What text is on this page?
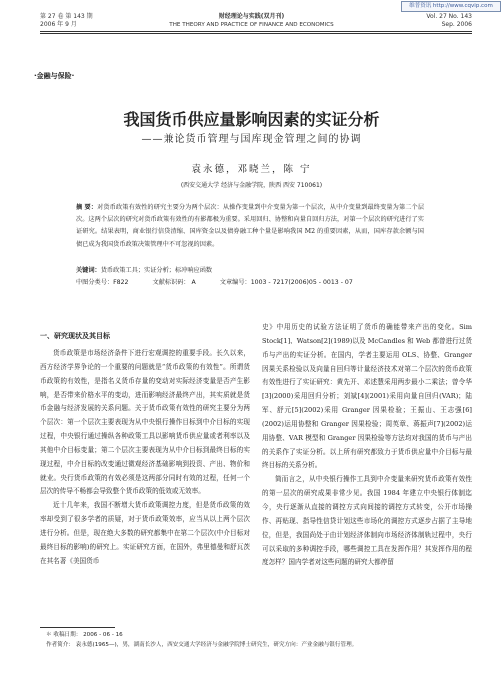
维普资讯 http://www.cqvip.com
第 27 卷 第 143 期
2006 年 9 月
财经理论与实践(双月刊)
THE THEORY AND PRACTICE OF FINANCE AND ECONOMICS
Vol. 27 No. 143
Sep. 2006
·金融与保险·
我国货币供应量影响因素的实证分析
——兼论货币管理与国库现金管理之间的协调
袁永德，邓晓兰，陈 宁
(西安交通大学 经济与金融学院，陕西 西安 710061)
摘 要：对货币政策有效性的研究主要分为两个层次：从操作变量到中介变量为第一个层次，从中介变量到最终变量为第二个层次。这两个层次的研究对货币政策有效性的有影都极为重要。采用回归、协整和向量自回归方法，对第一个层次的研究进行了实证研究。结果表明，商业银行信贷渣缩、国库资金以及债券融工种个量是影响我国 M2 的重要因素，从而，国库存款余额与国债已成为我国货币政策决策管理中不可忽视的因素。
关键词：货币政策工具；实证分析；标冲响应函数
中图分类号：F822	文献标识码： A	文章编号：1003 - 7217(2006)05 - 0013 - 07
一、研究现状及其目标
货币政策是市场经济条件下进行宏观调控的重要手段。长久以来，西方经济学界争论的一个重要的问题就是“货币政策的有效性”。所谓货币政策的有效性，是指名义货币存量的变动对实际经济变量是否产生影响，是否带来价格水平的变动，进而影响经济最终产出，其实质就是货币金融与经济发展的关系问题。关于货币政策有效性的研究主要分为两个层次：第一个层次主要表现为从中央银行操作目标到中介目标的实现过程，中央银行通过操纵各种政策工具以影响货币供应量或者利率以及其他中介目标变量；第二个层次主要表现为从中介目标到最终目标的实现过程，中介目标的改变通过微观经济基础影响到投资、产出、物价和就业。央行货币政策的有效必须是这两部分同时有效的过程，任何一个层次的传导不畅都会导致整个货币政策的低效或无效率。
近十几年来，我国不断增大货币政策调控力度，但是货币政策的效率却受到了很多学者的质疑，对于货币政策效率，应当从以上两个层次进行分析。但是，现在绝大多数的研究都集中在第二个层次(中介目标对最终目标的影响)的研究上。实证研究方面，在国外，弗里德曼和舒瓦茨在其名著《美国货币
史》中用历史的试验方法证明了货币的确能带来产出的变化。Sim Stock[1]、Watson[2](1989)以及 McCandles 和 Web 都曾进行过货币与产出的实证分析。在国内，学者主要运用 OLS、协整、Granger 因果关系检验以及向量自回归等计量经济技术对第二个层次的货币政策有效性进行了实证研究：黄先开、邓述慧采用两步最小二乘法；曾令华[3](2000)采用回归分析；刘斌[4](2001)采用向量自回归(VAR)；陆军、舒元[5](2002)采用 Granger 因果检验；王振山、王志强[6](2002)运用协整和 Granger 因果检验；周英章、蒋振声[7](2002)运用协整、VAR 模型和 Granger 因果检验等方法均对我国的货币与产出的关系作了实证分析。以上所有研究都致力于货币供应量中介目标与最终目标的关系分析。
简而言之，从中央银行操作工具到中介变量来研究货币政策有效性的第一层次的研究成果非常少见。我国 1984 年建立中央银行体制迄今，央行逐渐从直接的调控方式向间接的调控方式转变，公开市场操作、再贴现、指导性信贷计划这些市场化的调控方式逐步占据了主导地位，但是，我国尚处于由计划经济体制向市场经济体制轨过程中，央行可以采取的多种调控手段，哪些调控工具在发挥作用？其发挥作用的程度怎样？国内学者对这些问题的研究大都停留
＊ 收稿日期： 2006 - 06 - 16
作者简介： 袁永德(1965—)，男，湖南长沙人，西安交通大学经济与金融学院博士研究生，研究方向：产业金融与银行管理。
